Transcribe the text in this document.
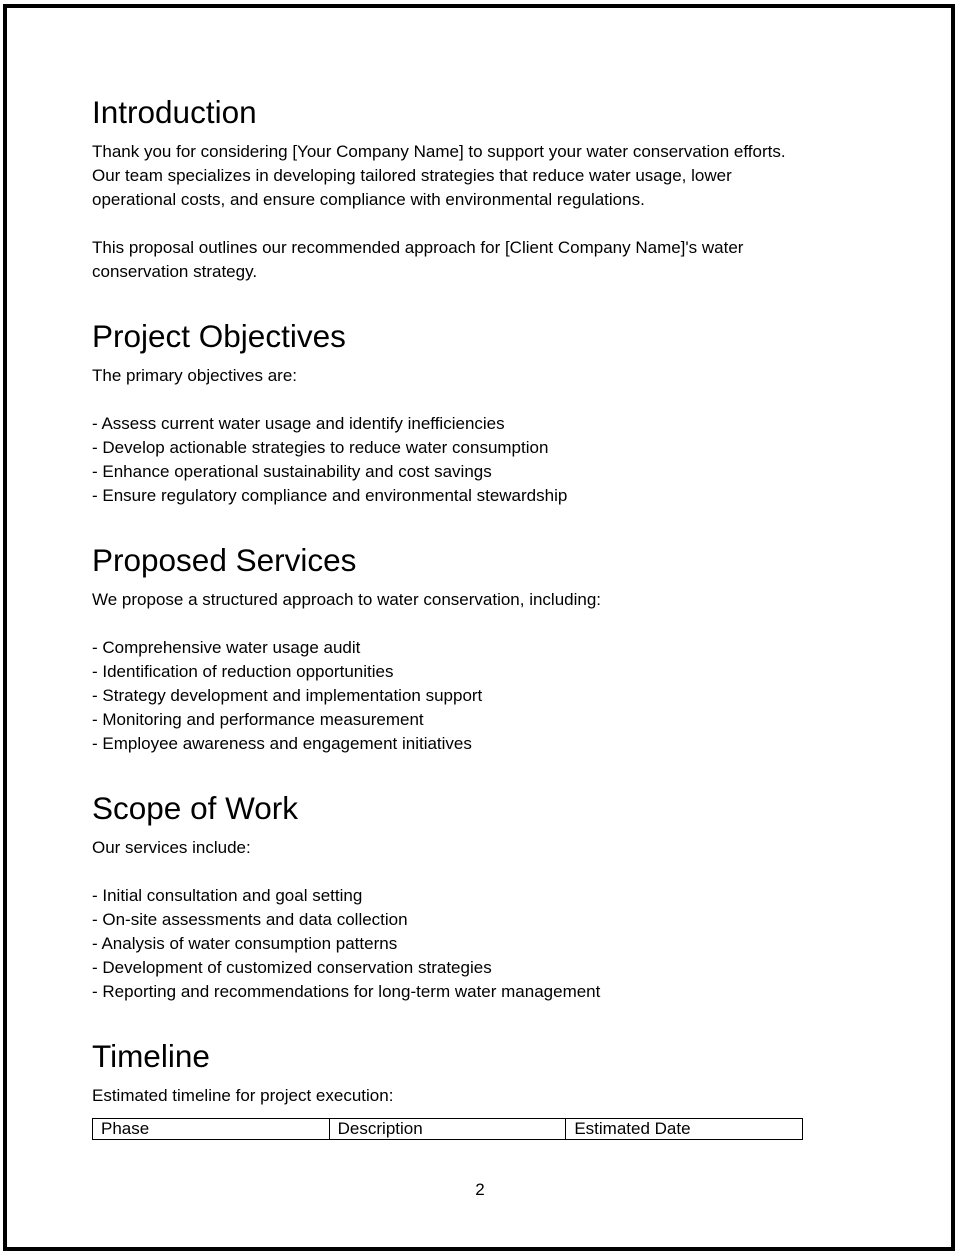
Introduction

Thank you for considering [Your Company Name] to support your water conservation efforts.

Our team specializes in developing tailored strategies that reduce water usage, lower

operational costs, and ensure compliance with environmental regulations.

This proposal outlines our recommended approach for [Client Company Name]'s water

conservation strategy.

Project Objectives

The primary objectives are:

- Assess current water usage and identify inefficiencies
- Develop actionable strategies to reduce water consumption
- Enhance operational sustainability and cost savings
- Ensure regulatory compliance and environmental stewardship
Proposed Services

We propose a structured approach to water conservation, including:

- Comprehensive water usage audit
- Identification of reduction opportunities
- Strategy development and implementation support
- Monitoring and performance measurement
- Employee awareness and engagement initiatives
Scope of Work

Our services include:

- Initial consultation and goal setting
- On-site assessments and data collection
- Analysis of water consumption patterns
- Development of customized conservation strategies
- Reporting and recommendations for long-term water management
Timeline

Estimated timeline for project execution:

Phase	Description	Estimated Date
2
